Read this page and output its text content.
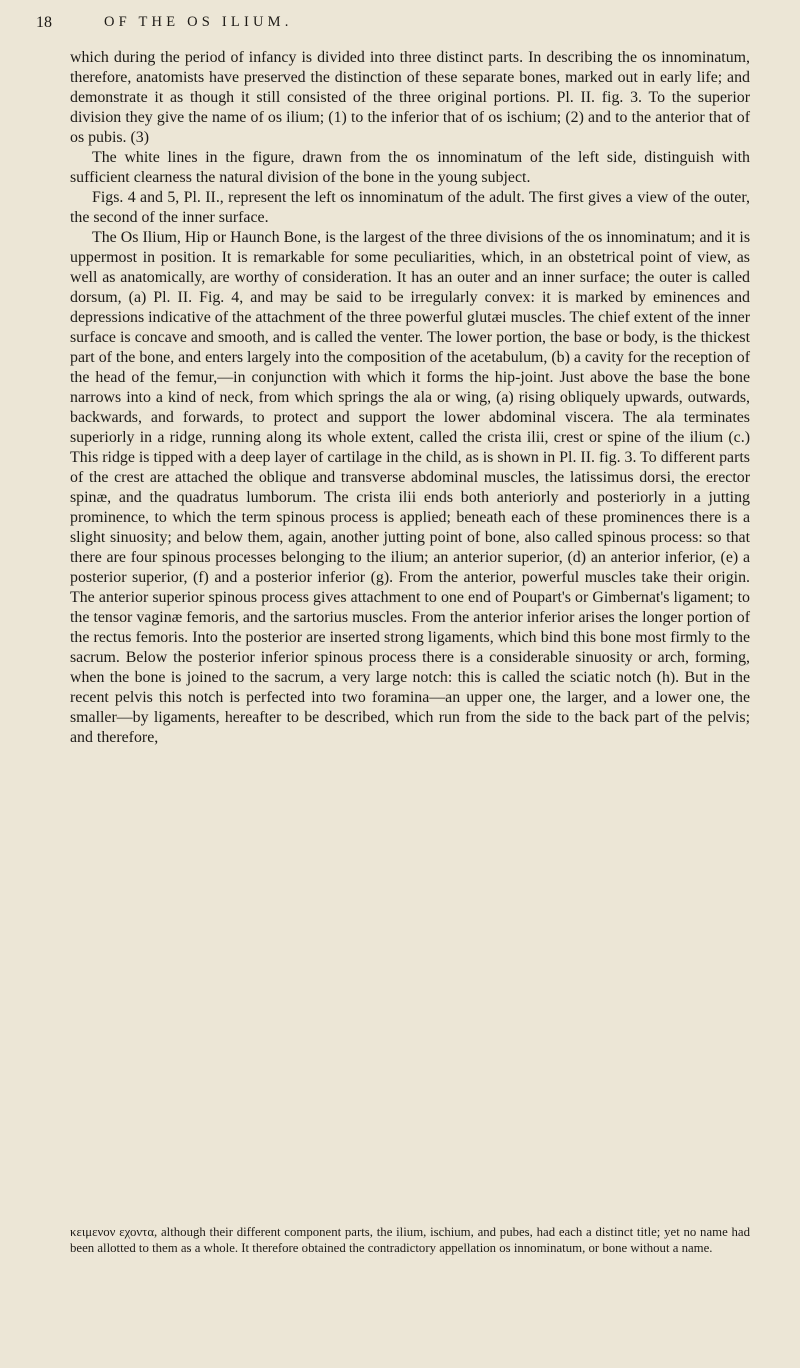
18	OF THE OS ILIUM.

which during the period of infancy is divided into three distinct parts. In describing the os innominatum, therefore, anatomists have preserved the distinction of these separate bones, marked out in early life; and demonstrate it as though it still consisted of the three original portions. Pl. II. fig. 3. To the superior division they give the name of os ilium; (1) to the inferior that of os ischium; (2) and to the anterior that of os pubis. (3)

The white lines in the figure, drawn from the os innominatum of the left side, distinguish with sufficient clearness the natural division of the bone in the young subject.

Figs. 4 and 5, Pl. II., represent the left os innominatum of the adult. The first gives a view of the outer, the second of the inner surface.

The Os Ilium, Hip or Haunch Bone, is the largest of the three divisions of the os innominatum; and it is uppermost in position. It is remarkable for some peculiarities, which, in an obstetrical point of view, as well as anatomically, are worthy of consideration. It has an outer and an inner surface; the outer is called dorsum, (a) Pl. II. Fig. 4, and may be said to be irregularly convex: it is marked by eminences and depressions indicative of the attachment of the three powerful glutæi muscles. The chief extent of the inner surface is concave and smooth, and is called the venter. The lower portion, the base or body, is the thickest part of the bone, and enters largely into the composition of the acetabulum, (b) a cavity for the reception of the head of the femur,—in conjunction with which it forms the hip-joint. Just above the base the bone narrows into a kind of neck, from which springs the ala or wing, (a) rising obliquely upwards, outwards, backwards, and forwards, to protect and support the lower abdominal viscera. The ala terminates superiorly in a ridge, running along its whole extent, called the crista ilii, crest or spine of the ilium (c.) This ridge is tipped with a deep layer of cartilage in the child, as is shown in Pl. II. fig. 3. To different parts of the crest are attached the oblique and transverse abdominal muscles, the latissimus dorsi, the erector spinæ, and the quadratus lumborum. The crista ilii ends both anteriorly and posteriorly in a jutting prominence, to which the term spinous process is applied; beneath each of these prominences there is a slight sinuosity; and below them, again, another jutting point of bone, also called spinous process: so that there are four spinous processes belonging to the ilium; an anterior superior, (d) an anterior inferior, (e) a posterior superior, (f) and a posterior inferior (g). From the anterior, powerful muscles take their origin. The anterior superior spinous process gives attachment to one end of Poupart's or Gimbernat's ligament; to the tensor vaginæ femoris, and the sartorius muscles. From the anterior inferior arises the longer portion of the rectus femoris. Into the posterior are inserted strong ligaments, which bind this bone most firmly to the sacrum. Below the posterior inferior spinous process there is a considerable sinuosity or arch, forming, when the bone is joined to the sacrum, a very large notch: this is called the sciatic notch (h). But in the recent pelvis this notch is perfected into two foramina—an upper one, the larger, and a lower one, the smaller—by ligaments, hereafter to be described, which run from the side to the back part of the pelvis; and therefore,

κειμενον εχοντα, although their different component parts, the ilium, ischium, and pubes, had each a distinct title; yet no name had been allotted to them as a whole. It therefore obtained the contradictory appellation os innominatum, or bone without a name.
